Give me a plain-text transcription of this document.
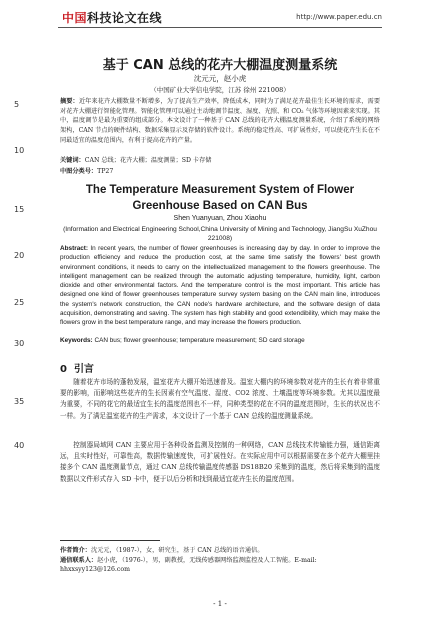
中国科技论文在线	http://www.paper.edu.cn
5
10
15
20
25
30
35
40
基于 CAN 总线的花卉大棚温度测量系统
沈元元，赵小虎
（中国矿业大学信电学院，江苏 徐州 221008）
摘要：近年来花卉大棚数量不断增多，为了提高生产效率，降低成本，同时为了满足花卉最佳生长环境的需求，需要对花卉大棚进行智能化管理。智能化管理可以通过主动地调节温度、湿度、光照、和 CO₂ 气体等环境因素来实现。其中，温度调节是最为重要的组成部分。本文设计了一种基于 CAN 总线的花卉大棚温度测量系统，介绍了系统的网络架构，CAN 节点的硬件结构、数据采集显示及存储的软件设计。系统的稳定性高、可扩展性好，可以使花卉生长在不同最适宜的温度范围内，有利于提高花卉的产量。
关键词：CAN 总线；花卉大棚；温度测量；SD 卡存储
中图分类号：TP27
The Temperature Measurement System of Flower Greenhouse Based on CAN Bus
Shen Yuanyuan, Zhou Xiaohu
(Information and Electrical Engineering School,China University of Mining and Technology, JiangSu XuZhou 221008)
Abstract: In recent years, the number of flower greenhouses is increasing day by day. In order to improve the production efficiency and reduce the production cost, at the same time satisfy the flowers' best growth environment conditions, it needs to carry on the intellectualized management to the flowers greenhouse. The intelligent management can be realized through the automatic adjusting temperature, humidity, light, carbon dioxide and other environmental factors. And the temperature control is the most important. This article has designed one kind of flower greenhouses temperature survey system basing on the CAN main line, introduces the system's network construction, the CAN node's hardware architecture, and the software design of data acquisition, demonstrating and saving. The system has high stability and good extendibility, which may make the flowers grow in the best temperature range, and may increase the flowers production.
Keywords: CAN bus; flower greenhouse; temperature measurement; SD card storage
0 引言
随着花卉市场的蓬勃发展，温室花卉大棚开始迅速普及。温室大棚内的环境参数对花卉的生长有着非常重要的影响，而影响这些花卉的生长因素有空气温度、湿度、CO2 浓度、土壤温度等环境参数。尤其以温度最为重要，不同的花它的最适宜生长的温度范围也不一样，同种类型的花在不同的温度范围时，生长的状况也不一样。为了满足温室花卉的生产需求，本文设计了一个基于 CAN 总线的温度测量系统。
控制器局域网 CAN 主要应用于各种设备监测及控制的一种网络，CAN 总线技术传输能力强，通信距离远，且实时性好，可靠性高，数据传输速度快，可扩展性好。在实际应用中可以根据需要在多个花卉大棚里挂接多个 CAN 温度测量节点，通过 CAN 总线传输温度传感器 DS18B20 采集到的温度，然后将采集到的温度数据以文件形式存入 SD 卡中，便于以后分析和找到最适宜花卉生长的温度范围。
作者简介：沈元元，（1987-），女，研究生，基于 CAN 总线的语音通信。
通信联系人：赵小虎，（1976-），男，副教授，无线传感器网络监测监控及人工智能。E-mail:
hhxxsyy123@126.com
- 1 -
